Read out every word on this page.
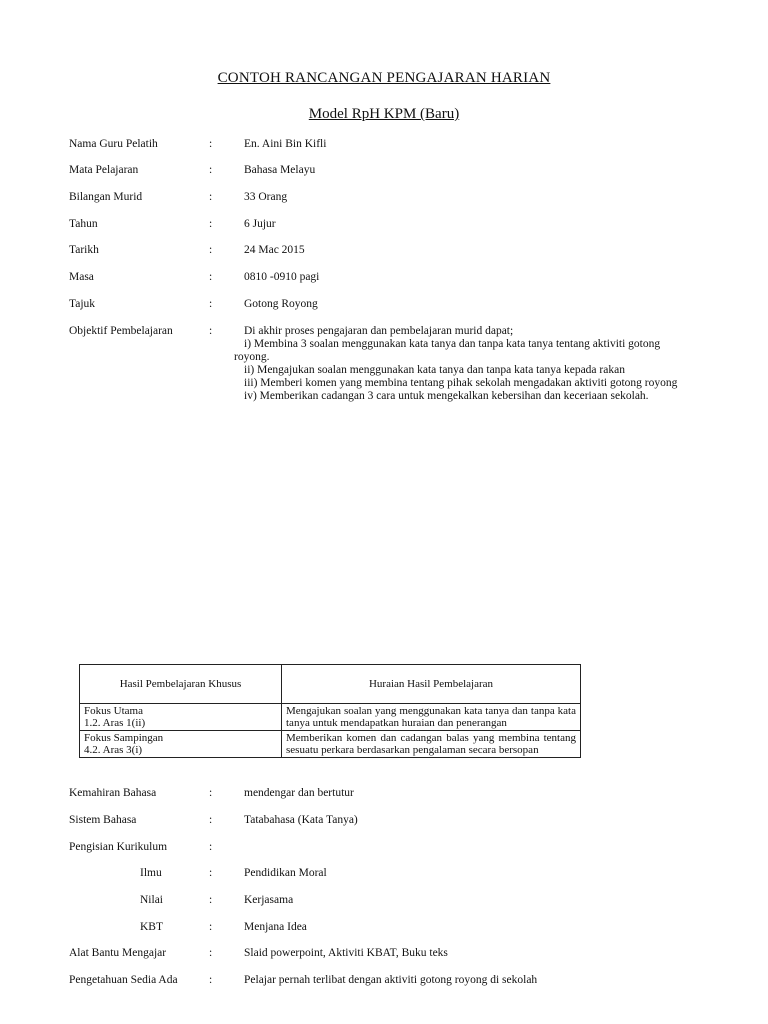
CONTOH RANCANGAN PENGAJARAN HARIAN
Model RpH KPM (Baru)
Nama Guru Pelatih	:	En. Aini Bin Kifli
Mata Pelajaran	:	Bahasa Melayu
Bilangan Murid	:	33 Orang
Tahun	:	6 Jujur
Tarikh	:	24 Mac 2015
Masa	:	0810 -0910 pagi
Tajuk	:	Gotong Royong
Objektif Pembelajaran	:	Di akhir proses pengajaran dan pembelajaran murid dapat;
i) Membina 3 soalan menggunakan kata tanya dan tanpa kata tanya tentang aktiviti gotong
royong.
ii) Mengajukan soalan menggunakan kata tanya dan tanpa kata tanya kepada rakan
iii) Memberi komen yang membina tentang pihak sekolah mengadakan aktiviti gotong royong
iv) Memberikan cadangan 3 cara untuk mengekalkan kebersihan dan keceriaan sekolah.
Hasil Pembelajaran Khusus	Huraian Hasil Pembelajaran

Fokus Utama
1.2. Aras 1(ii)	Mengajukan soalan yang menggunakan kata tanya dan tanpa kata tanya untuk mendapatkan huraian dan penerangan

Fokus Sampingan
4.2. Aras 3(i)	Memberikan komen dan cadangan balas yang membina tentang sesuatu perkara berdasarkan pengalaman secara bersopan
Kemahiran Bahasa	:	mendengar dan bertutur
Sistem Bahasa	:	Tatabahasa (Kata Tanya)
Pengisian Kurikulum	:
Ilmu	:	Pendidikan Moral
Nilai	:	Kerjasama
KBT	:	Menjana Idea
Alat Bantu Mengajar	:	Slaid powerpoint, Aktiviti KBAT, Buku teks
Pengetahuan Sedia Ada	:	Pelajar pernah terlibat dengan aktiviti gotong royong di sekolah
